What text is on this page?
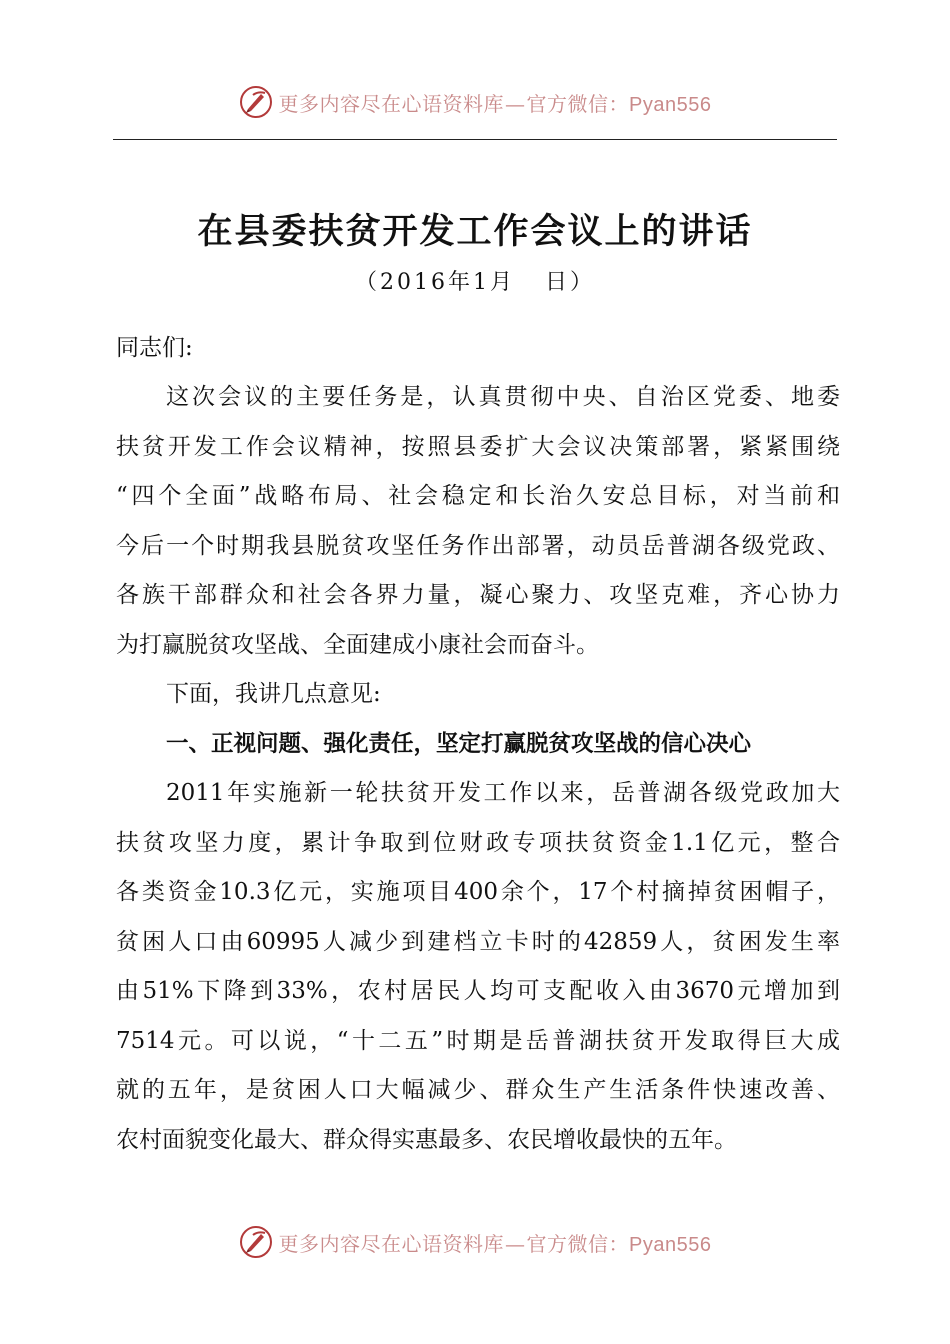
更多内容尽在心语资料库—官方微信：Pyan556
在县委扶贫开发工作会议上的讲话
（2016年1月   日）
同志们:
这次会议的主要任务是，认真贯彻中央、自治区党委、地委
扶贫开发工作会议精神，按照县委扩大会议决策部署，紧紧围绕
“四个全面”战略布局、社会稳定和长治久安总目标，对当前和
今后一个时期我县脱贫攻坚任务作出部署，动员岳普湖各级党政、
各族干部群众和社会各界力量，凝心聚力、攻坚克难，齐心协力
为打赢脱贫攻坚战、全面建成小康社会而奋斗。
下面，我讲几点意见:
一、正视问题、强化责任，坚定打赢脱贫攻坚战的信心决心
2011年实施新一轮扶贫开发工作以来，岳普湖各级党政加大
扶贫攻坚力度，累计争取到位财政专项扶贫资金1.1亿元，整合
各类资金10.3亿元，实施项目400余个，17个村摘掉贫困帽子，
贫困人口由60995人减少到建档立卡时的42859人，贫困发生率
由51%下降到33%，农村居民人均可支配收入由3670元增加到
7514元。可以说，“十二五”时期是岳普湖扶贫开发取得巨大成
就的五年，是贫困人口大幅减少、群众生产生活条件快速改善、
农村面貌变化最大、群众得实惠最多、农民增收最快的五年。
更多内容尽在心语资料库—官方微信：Pyan556
